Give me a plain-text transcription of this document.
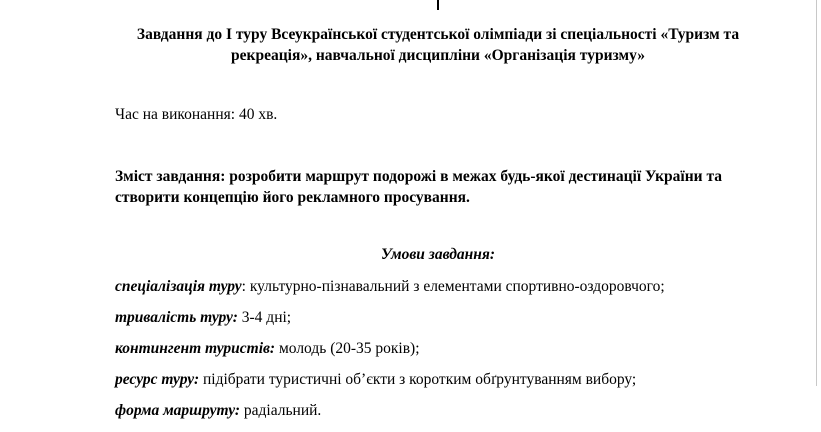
Завдання до І туру Всеукраїнської студентської олімпіади зі спеціальності «Туризм та
рекреація», навчальної дисципліни «Організація туризму»
Час на виконання: 40 хв.
Зміст завдання: розробити маршрут подорожі в межах будь-якої дестинації України та
створити концепцію його рекламного просування.
Умови завдання:
спеціалізація туру: культурно-пізнавальний з елементами спортивно-оздоровчого;
тривалість туру: 3-4 дні;
контингент туристів: молодь (20-35 років);
ресурс туру: підібрати туристичні об’єкти з коротким обґрунтуванням вибору;
форма маршруту: радіальний.
